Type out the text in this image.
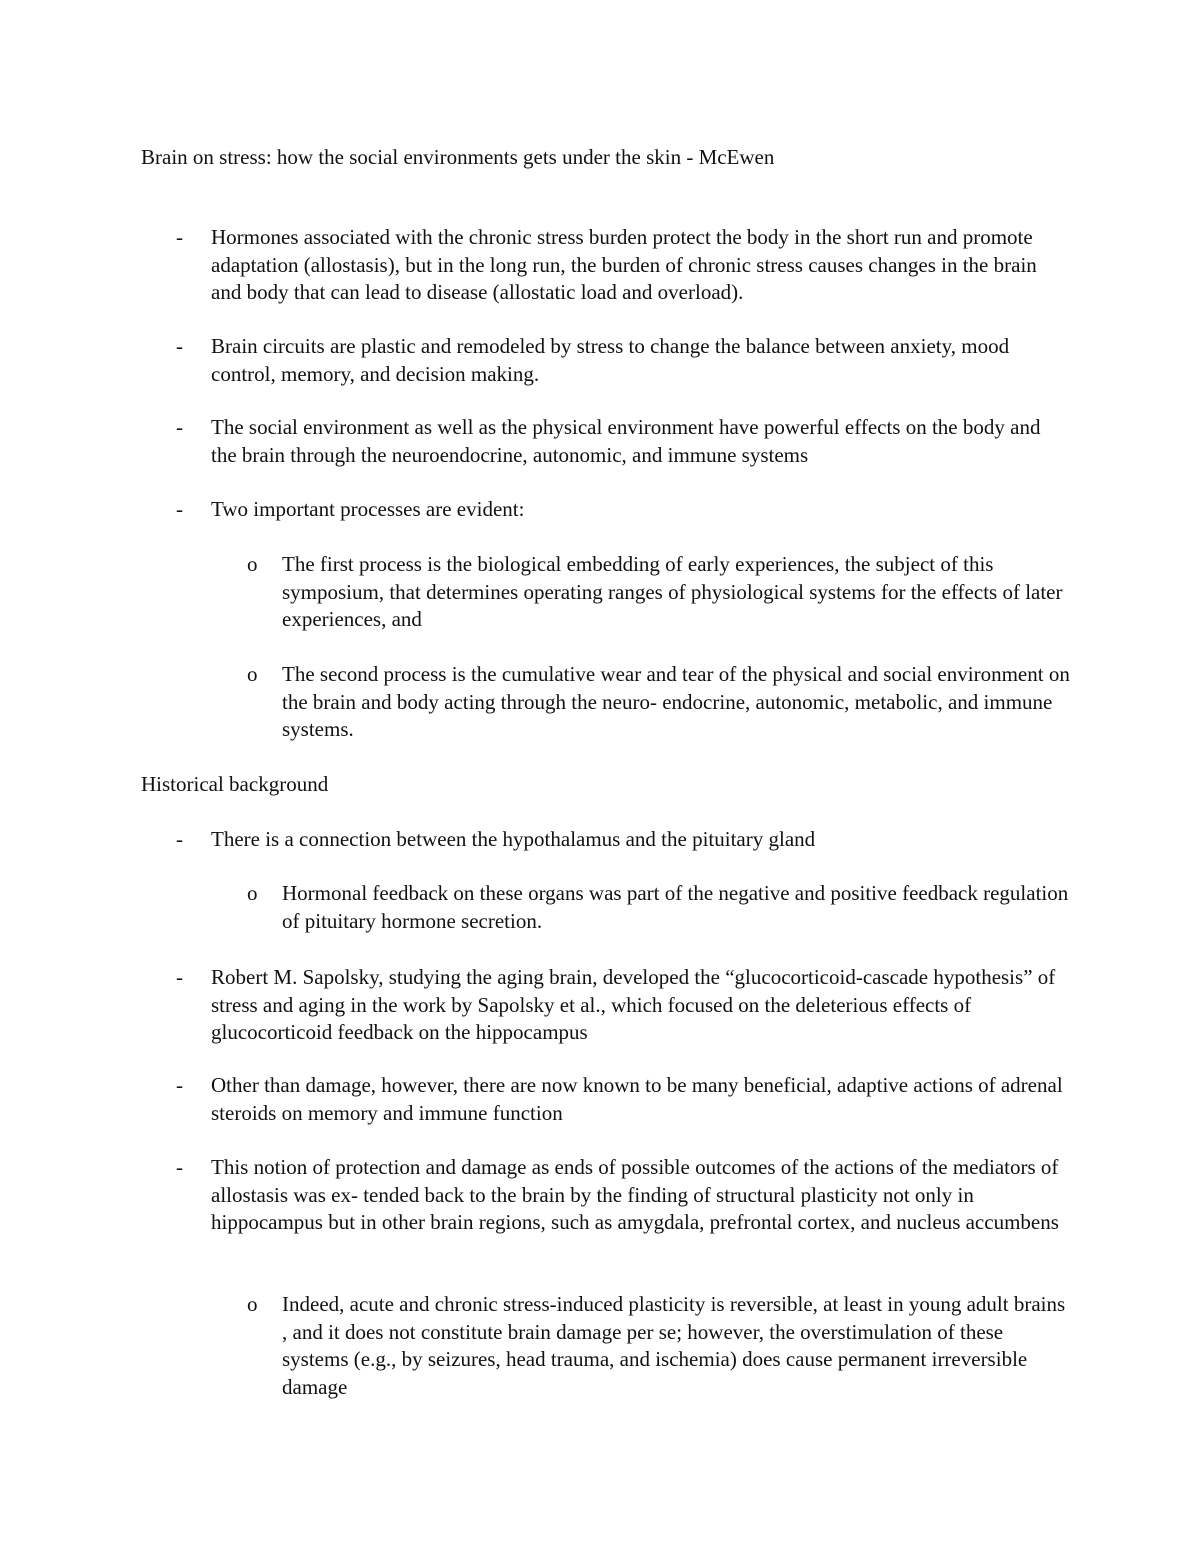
Brain on stress: how the social environments gets under the skin - McEwen
- Hormones associated with the chronic stress burden protect the body in the short run and promote adaptation (allostasis), but in the long run, the burden of chronic stress causes changes in the brain and body that can lead to disease (allostatic load and overload).
- Brain circuits are plastic and remodeled by stress to change the balance between anxiety, mood control, memory, and decision making.
- The social environment as well as the physical environment have powerful effects on the body and the brain through the neuroendocrine, autonomic, and immune systems
- Two important processes are evident:
o The first process is the biological embedding of early experiences, the subject of this symposium, that determines operating ranges of physiological systems for the effects of later experiences, and
o The second process is the cumulative wear and tear of the physical and social environment on the brain and body acting through the neuro- endocrine, autonomic, metabolic, and immune systems.
Historical background
- There is a connection between the hypothalamus and the pituitary gland
o Hormonal feedback on these organs was part of the negative and positive feedback regulation of pituitary hormone secretion.
- Robert M. Sapolsky, studying the aging brain, developed the “glucocorticoid-cascade hypothesis” of stress and aging in the work by Sapolsky et al., which focused on the deleterious effects of glucocorticoid feedback on the hippocampus
- Other than damage, however, there are now known to be many beneficial, adaptive actions of adrenal steroids on memory and immune function
- This notion of protection and damage as ends of possible outcomes of the actions of the mediators of allostasis was ex- tended back to the brain by the finding of structural plasticity not only in hippocampus but in other brain regions, such as amygdala, prefrontal cortex, and nucleus accumbens
o Indeed, acute and chronic stress-induced plasticity is reversible, at least in young adult brains , and it does not constitute brain damage per se; however, the overstimulation of these systems (e.g., by seizures, head trauma, and ischemia) does cause permanent irreversible damage
